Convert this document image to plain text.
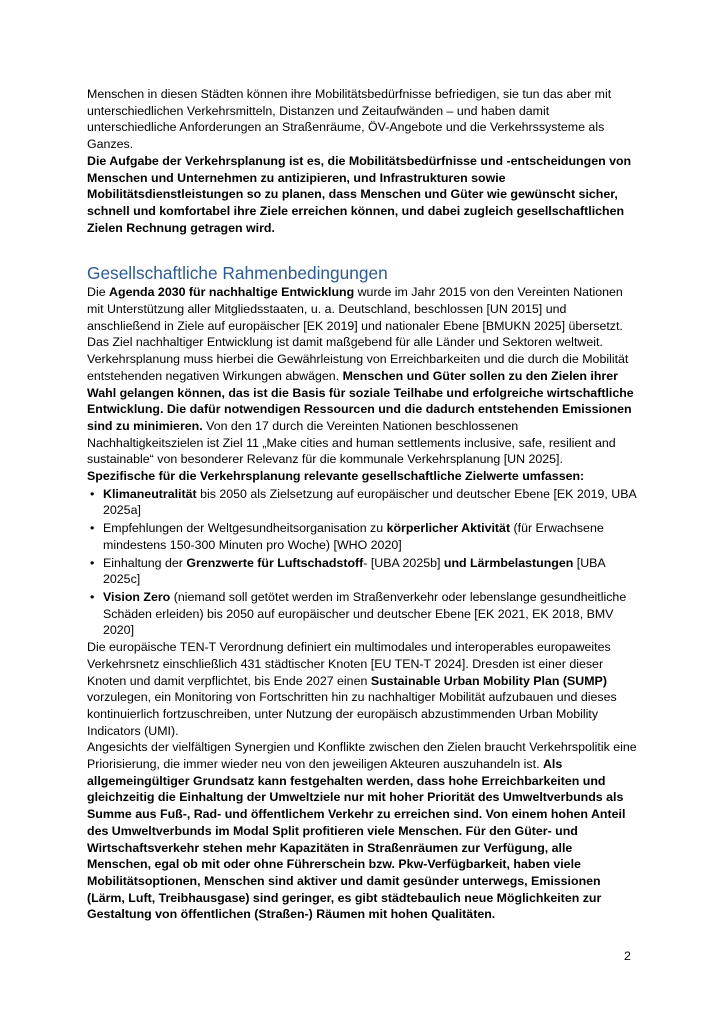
Menschen in diesen Städten können ihre Mobilitätsbedürfnisse befriedigen, sie tun das aber mit unterschiedlichen Verkehrsmitteln, Distanzen und Zeitaufwänden – und haben damit unterschiedliche Anforderungen an Straßenräume, ÖV-Angebote und die Verkehrssysteme als Ganzes.

Die Aufgabe der Verkehrsplanung ist es, die Mobilitätsbedürfnisse und -entscheidungen von Menschen und Unternehmen zu antizipieren, und Infrastrukturen sowie Mobilitätsdienstleistungen so zu planen, dass Menschen und Güter wie gewünscht sicher, schnell und komfortabel ihre Ziele erreichen können, und dabei zugleich gesellschaftlichen Zielen Rechnung getragen wird.

Gesellschaftliche Rahmenbedingungen

Die Agenda 2030 für nachhaltige Entwicklung wurde im Jahr 2015 von den Vereinten Nationen mit Unterstützung aller Mitgliedsstaaten, u. a. Deutschland, beschlossen [UN 2015] und anschließend in Ziele auf europäischer [EK 2019] und nationaler Ebene [BMUKN 2025] übersetzt. Das Ziel nachhaltiger Entwicklung ist damit maßgebend für alle Länder und Sektoren weltweit. Verkehrsplanung muss hierbei die Gewährleistung von Erreichbarkeiten und die durch die Mobilität entstehenden negativen Wirkungen abwägen. Menschen und Güter sollen zu den Zielen ihrer Wahl gelangen können, das ist die Basis für soziale Teilhabe und erfolgreiche wirtschaftliche Entwicklung. Die dafür notwendigen Ressourcen und die dadurch entstehenden Emissionen sind zu minimieren. Von den 17 durch die Vereinten Nationen beschlossenen Nachhaltigkeitszielen ist Ziel 11 „Make cities and human settlements inclusive, safe, resilient and sustainable“ von besonderer Relevanz für die kommunale Verkehrsplanung [UN 2025].

Spezifische für die Verkehrsplanung relevante gesellschaftliche Zielwerte umfassen:

• Klimaneutralität bis 2050 als Zielsetzung auf europäischer und deutscher Ebene [EK 2019, UBA 2025a]
• Empfehlungen der Weltgesundheitsorganisation zu körperlicher Aktivität (für Erwachsene mindestens 150-300 Minuten pro Woche) [WHO 2020]
• Einhaltung der Grenzwerte für Luftschadstoff- [UBA 2025b] und Lärmbelastungen [UBA 2025c]
• Vision Zero (niemand soll getötet werden im Straßenverkehr oder lebenslange gesundheitliche Schäden erleiden) bis 2050 auf europäischer und deutscher Ebene [EK 2021, EK 2018, BMV 2020]

Die europäische TEN-T Verordnung definiert ein multimodales und interoperables europaweites Verkehrsnetz einschließlich 431 städtischer Knoten [EU TEN-T 2024]. Dresden ist einer dieser Knoten und damit verpflichtet, bis Ende 2027 einen Sustainable Urban Mobility Plan (SUMP) vorzulegen, ein Monitoring von Fortschritten hin zu nachhaltiger Mobilität aufzubauen und dieses kontinuierlich fortzuschreiben, unter Nutzung der europäisch abzustimmenden Urban Mobility Indicators (UMI).

Angesichts der vielfältigen Synergien und Konflikte zwischen den Zielen braucht Verkehrspolitik eine Priorisierung, die immer wieder neu von den jeweiligen Akteuren auszuhandeln ist. Als allgemeingültiger Grundsatz kann festgehalten werden, dass hohe Erreichbarkeiten und gleichzeitig die Einhaltung der Umweltziele nur mit hoher Priorität des Umweltverbunds als Summe aus Fuß-, Rad- und öffentlichem Verkehr zu erreichen sind. Von einem hohen Anteil des Umweltverbunds im Modal Split profitieren viele Menschen. Für den Güter- und Wirtschaftsverkehr stehen mehr Kapazitäten in Straßenräumen zur Verfügung, alle Menschen, egal ob mit oder ohne Führerschein bzw. Pkw-Verfügbarkeit, haben viele Mobilitätsoptionen, Menschen sind aktiver und damit gesünder unterwegs, Emissionen (Lärm, Luft, Treibhausgase) sind geringer, es gibt städtebaulich neue Möglichkeiten zur Gestaltung von öffentlichen (Straßen-) Räumen mit hohen Qualitäten.

2
